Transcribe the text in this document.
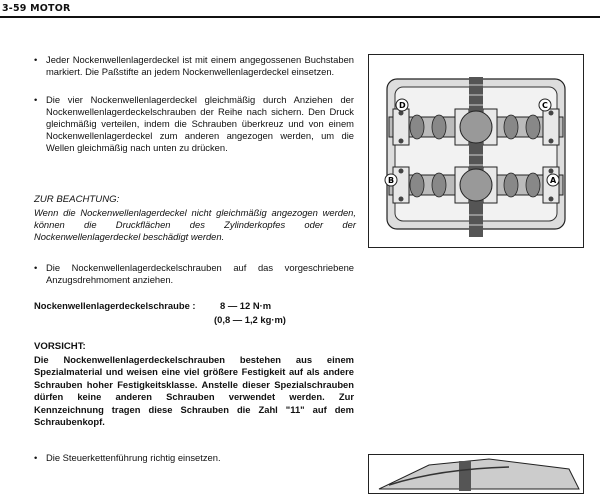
3-59 MOTOR
• Jeder Nockenwellenlagerdeckel ist mit einem angegossenen Buchstaben markiert. Die Paßstifte an jedem Nockenwellenlagerdeckel einsetzen.
• Die vier Nockenwellenlagerdeckel gleichmäßig durch Anziehen der Nockenwellenlagerdeckelschrauben der Reihe nach sichern. Den Druck gleichmäßig verteilen, indem die Schrauben überkreuz und von einem Nockenwellenlagerdeckel zum anderen angezogen werden, um die Wellen gleichmäßig nach unten zu drücken.
ZUR BEACHTUNG:
Wenn die Nockenwellenlagerdeckel nicht gleichmäßig angezogen werden, können die Druckflächen des Zylinderkopfes oder der Nockenwellenlagerdeckel beschädigt werden.
• Die Nockenwellenlagerdeckelschrauben auf das vorgeschriebene Anzugsdrehmoment anziehen.
Nockenwellenlagerdeckelschraube :	8 — 12 N·m
(0,8 — 1,2 kg·m)
VORSICHT:
Die Nockenwellenlagerdeckelschrauben bestehen aus einem Spezialmaterial und weisen eine viel größere Festigkeit auf als andere Schrauben hoher Festigkeitsklasse. Anstelle dieser Spezialschrauben dürfen keine anderen Schrauben verwendet werden. Zur Kennzeichnung tragen diese Schrauben die Zahl "11" auf dem Schraubenkopf.
• Die Steuerkettenführung richtig einsetzen.
D	C
B	A
